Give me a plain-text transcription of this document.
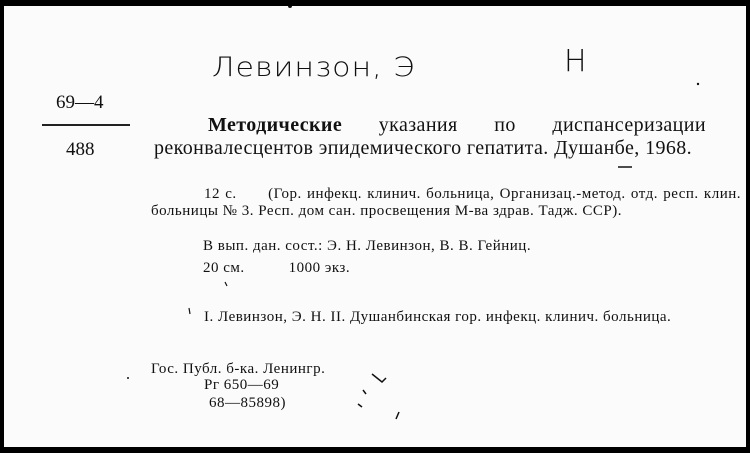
Левинзон, Э	Н
69—4
488
Методические указания по диспансеризации реконвалесцентов эпидемического гепатита. Душанбе, 1968.
12 с. (Гор. инфекц. клинич. больница, Организац.-метод. отд. респ. клин. больницы № 3. Респ. дом сан. просвещения М-ва здрав. Тадж. ССР).
В вып. дан. сост.: Э. Н. Левинзон, В. В. Гейниц.
20 см.	1000 экз.
I. Левинзон, Э. Н. II. Душанбинская гор. инфекц. клинич. больница.
Гос. Публ. б-ка. Ленингр.
Рг 650—69
68—85898)
